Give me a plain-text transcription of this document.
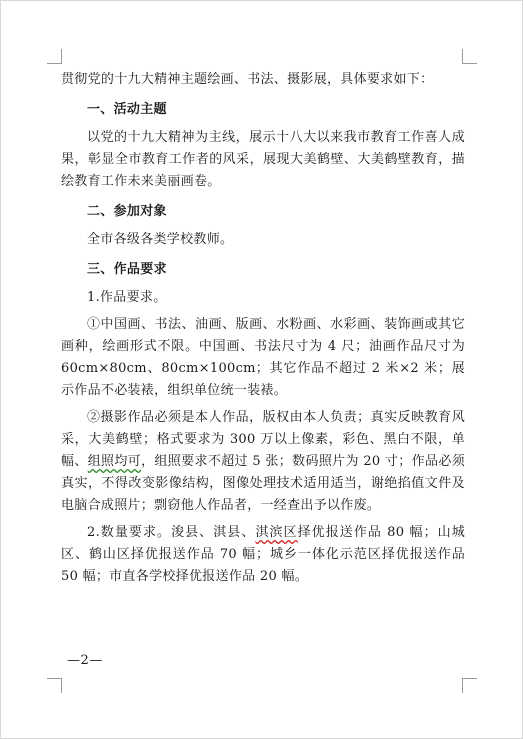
贯彻党的十九大精神主题绘画、书法、摄影展，具体要求如下：

一、活动主题

以党的十九大精神为主线，展示十八大以来我市教育工作喜人成果，彰显全市教育工作者的风采，展现大美鹤壁、大美鹤壁教育，描绘教育工作未来美丽画卷。

二、参加对象

全市各级各类学校教师。

三、作品要求

1.作品要求。

①中国画、书法、油画、版画、水粉画、水彩画、装饰画或其它画种，绘画形式不限。中国画、书法尺寸为 4 尺；油画作品尺寸为 60cm×80cm、80cm×100cm；其它作品不超过 2 米×2 米；展示作品不必装裱，组织单位统一装裱。

②摄影作品必须是本人作品，版权由本人负责；真实反映教育风采，大美鹤壁；格式要求为 300 万以上像素，彩色、黑白不限，单幅、组照均可，组照要求不超过 5 张；数码照片为 20 寸；作品必须真实，不得改变影像结构，图像处理技术适用适当，谢绝掐值文件及电脑合成照片；剽窃他人作品者，一经查出予以作废。

2.数量要求。浚县、淇县、淇滨区择优报送作品 80 幅；山城区、鹤山区择优报送作品 70 幅；城乡一体化示范区择优报送作品 50 幅；市直各学校择优报送作品 20 幅。

—2—
